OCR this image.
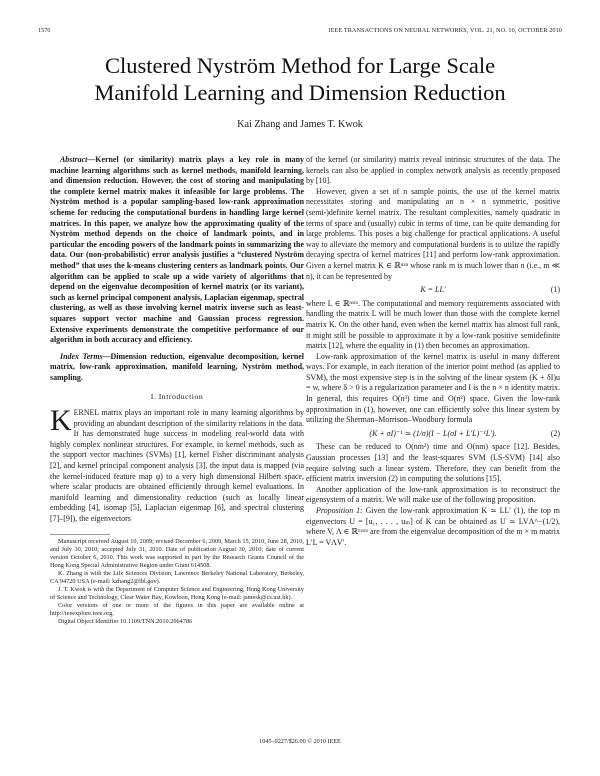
1576	IEEE TRANSACTIONS ON NEURAL NETWORKS, VOL. 21, NO. 10, OCTOBER 2010
Clustered Nyström Method for Large Scale
Manifold Learning and Dimension Reduction
Kai Zhang and James T. Kwok

Abstract—Kernel (or similarity) matrix plays a key role in many machine learning algorithms such as kernel methods, manifold learning, and dimension reduction. However, the cost of storing and manipulating the complete kernel matrix makes it infeasible for large problems. The Nyström method is a popular sampling-based low-rank approximation scheme for reducing the computational burdens in handling large kernel matrices. In this paper, we analyze how the approximating quality of the Nyström method depends on the choice of landmark points, and in particular the encoding powers of the landmark points in summarizing the data. Our (non-probabilistic) error analysis justifies a “clustered Nyström method” that uses the k-means clustering centers as landmark points. Our algorithm can be applied to scale up a wide variety of algorithms that depend on the eigenvalue decomposition of kernel matrix (or its variant), such as kernel principal component analysis, Laplacian eigenmap, spectral clustering, as well as those involving kernel matrix inverse such as least-squares support vector machine and Gaussian process regression. Extensive experiments demonstrate the competitive performance of our algorithm in both accuracy and efficiency.

Index Terms—Dimension reduction, eigenvalue decomposition, kernel matrix, low-rank approximation, manifold learning, Nyström method, sampling.

I. Introduction
K ERNEL matrix plays an important role in many learning algorithms by providing an abundant description of the similarity relations in the data. It has demonstrated huge success in modeling real-world data with highly complex nonlinear structures. For example, in kernel methods, such as the support vector machines (SVMs) [1], kernel Fisher discriminant analysis [2], and kernel principal component analysis [3], the input data is mapped (via the kernel-induced feature map φ) to a very high dimensional Hilbert space, where scalar products are obtained efficiently through kernel evaluations. In manifold learning and dimensionality reduction (such as locally linear embedding [4], isomap [5], Laplacian eigenmap [6], and spectral clustering [7]–[9]), the eigenvectors

Manuscript received August 10, 2009; revised December 6, 2009, March 15, 2010, June 28, 2010, and July 30, 2010; accepted July 31, 2010. Date of publication August 30, 2010; date of current version October 6, 2010. This work was supported in part by the Research Grants Council of the Hong Kong Special Administrative Region under Grant 614508.

K. Zhang is with the Life Sciences Division, Lawrence Berkeley National Laboratory, Berkeley, CA 94720 USA (e-mail: kzhang2@lbl.gov).

J. T. Kwok is with the Department of Computer Science and Engineering, Hong Kong University of Science and Technology, Clear Water Bay, Kowloon, Hong Kong (e-mail: jamesk@cs.ust.hk).

Color versions of one or more of the figures in this paper are available online at http://ieeexplore.ieee.org.

Digital Object Identifier 10.1109/TNN.2010.2064786

of the kernel (or similarity) matrix reveal intrinsic structures of the data. The kernels can also be applied in complex network analysis as recently proposed by [10].

However, given a set of n sample points, the use of the kernel matrix necessitates storing and manipulating an n × n symmetric, positive (semi-)definite kernel matrix. The resultant complexities, namely quadratic in terms of space and (usually) cubic in terms of time, can be quite demanding for large problems. This poses a big challenge for practical applications. A useful way to alleviate the memory and computational burdens is to utilize the rapidly decaying spectra of kernel matrices [11] and perform low-rank approximation. Given a kernel matrix K ∈ ℝⁿˣⁿ whose rank m is much lower than n (i.e., m ≪ n), it can be represented by

K = LL′	(1)

where L ∈ ℝⁿˣᵐ. The computational and memory requirements associated with handling the matrix L will be much lower than those with the complete kernel matrix K. On the other hand, even when the kernel matrix has almost full rank, it might still be possible to approximate it by a low-rank positive semidefinite matrix [12], where the equality in (1) then becomes an approximation.

Low-rank approximation of the kernel matrix is useful in many different ways. For example, in each iteration of the interior point method (as applied to SVM), the most expensive step is in the solving of the linear system (K + δI)u = w, where δ > 0 is a regularization parameter and I is the n × n identity matrix. In general, this requires O(n³) time and O(n²) space. Given the low-rank approximation in (1), however, one can efficiently solve this linear system by utilizing the Sherman–Morrison–Woodbury formula

(K + σI)⁻¹ ≃ (1/σ)(I − L(σI + L′L)⁻¹L′).	(2)

These can be reduced to O(nm²) time and O(nm) space [12]. Besides, Gaussian processes [13] and the least-squares SVM (LS-SVM) [14] also require solving such a linear system. Therefore, they can benefit from the efficient matrix inversion (2) in computing the solutions [15].

Another application of the low-rank approximation is to reconstruct the eigensystem of a matrix. We will make use of the following proposition.

Proposition 1: Given the low-rank approximation K ≃ LL′ (1), the top m eigenvectors U = [u₁, . . . , uₘ] of K can be obtained as U ≃ LVΛ^−(1/2), where V, Λ ∈ ℝᵐˣᵐ are from the eigenvalue decomposition of the m × m matrix L′L = VΛV′.

1045–9227/$26.00 © 2010 IEEE
